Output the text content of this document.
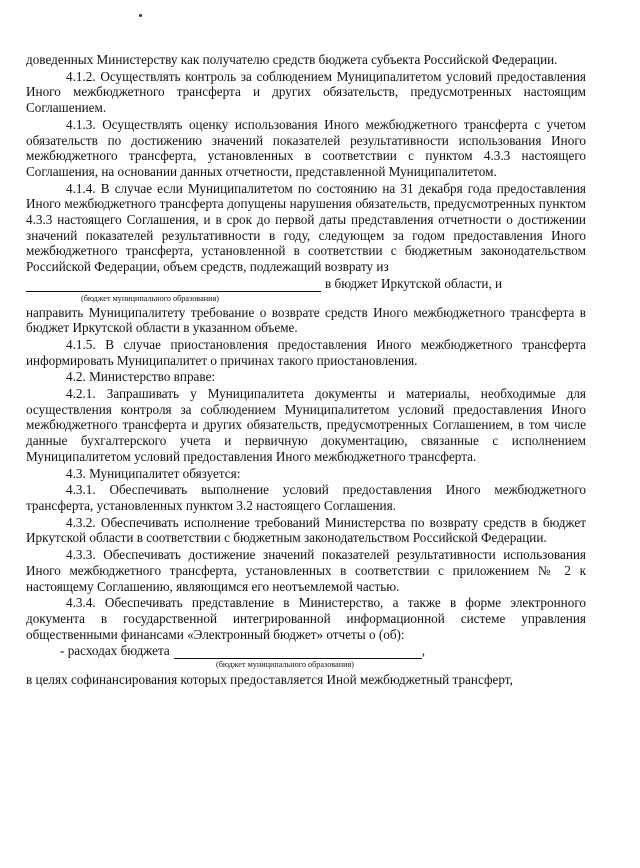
доведенных Министерству как получателю средств бюджета субъекта Российской Федерации.

4.1.2. Осуществлять контроль за соблюдением Муниципалитетом условий предоставления Иного межбюджетного трансферта и других обязательств, предусмотренных настоящим Соглашением.

4.1.3. Осуществлять оценку использования Иного межбюджетного трансферта с учетом обязательств по достижению значений показателей результативности использования Иного межбюджетного трансферта, установленных в соответствии с пунктом 4.3.3 настоящего Соглашения, на основании данных отчетности, представленной Муниципалитетом.

4.1.4. В случае если Муниципалитетом по состоянию на 31 декабря года предоставления Иного межбюджетного трансферта допущены нарушения обязательств, предусмотренных пунктом 4.3.3 настоящего Соглашения, и в срок до первой даты представления отчетности о достижении значений показателей результативности в году, следующем за годом предоставления Иного межбюджетного трансферта, установленной в соответствии с бюджетным законодательством Российской Федерации, объем средств, подлежащий возврату из

в бюджет Иркутской области, и
(бюджет муниципального образования)

направить Муниципалитету требование о возврате средств Иного межбюджетного трансферта в бюджет Иркутской области в указанном объеме.

4.1.5. В случае приостановления предоставления Иного межбюджетного трансферта информировать Муниципалитет о причинах такого приостановления.

4.2. Министерство вправе:

4.2.1. Запрашивать у Муниципалитета документы и материалы, необходимые для осуществления контроля за соблюдением Муниципалитетом условий предоставления Иного межбюджетного трансферта и других обязательств, предусмотренных Соглашением, в том числе данные бухгалтерского учета и первичную документацию, связанные с исполнением Муниципалитетом условий предоставления Иного межбюджетного трансферта.

4.3. Муниципалитет обязуется:

4.3.1. Обеспечивать выполнение условий предоставления Иного межбюджетного трансферта, установленных пунктом 3.2 настоящего Соглашения.

4.3.2. Обеспечивать исполнение требований Министерства по возврату средств в бюджет Иркутской области в соответствии с бюджетным законодательством Российской Федерации.

4.3.3. Обеспечивать достижение значений показателей результативности использования Иного межбюджетного трансферта, установленных в соответствии с приложением № 2 к настоящему Соглашению, являющимся его неотъемлемой частью.

4.3.4. Обеспечивать представление в Министерство, а также в форме электронного документа в государственной интегрированной информационной системе управления общественными финансами «Электронный бюджет» отчеты о (об):

- расходах бюджета	,
(бюджет муниципального образования)

в целях софинансирования которых предоставляется Иной межбюджетный трансферт,
